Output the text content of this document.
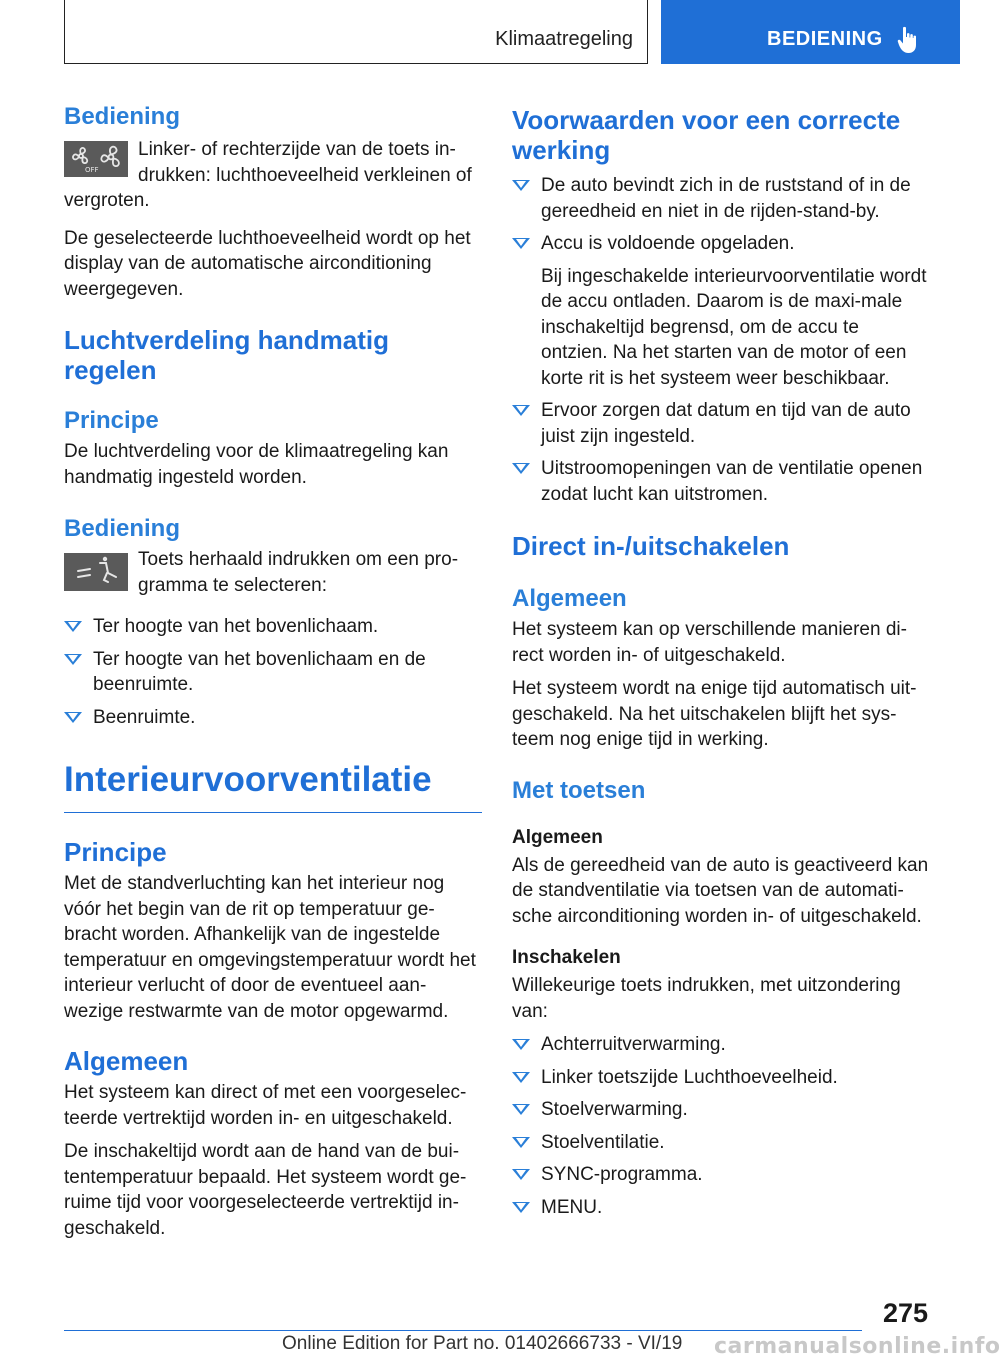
Klimaatregeling	BEDIENING
Bediening
OFF

Linker- of rechterzijde van de toets in-drukken: luchthoeveelheid verkleinen of vergroten.

De geselecteerde luchthoeveelheid wordt op het display van de automatische airconditioning weergegeven.

Luchtverdeling handmatig regelen
Principe

De luchtverdeling voor de klimaatregeling kan handmatig ingesteld worden.

Bediening

Toets herhaald indrukken om een pro-gramma te selecteren:

Ter hoogte van het bovenlichaam.
Ter hoogte van het bovenlichaam en de beenruimte.
Beenruimte.
Interieurvoorventilatie
Principe

Met de standverluchting kan het interieur nog vóór het begin van de rit op temperatuur ge-bracht worden. Afhankelijk van de ingestelde temperatuur en omgevingstemperatuur wordt het interieur verlucht of door de eventueel aan-wezige restwarmte van de motor opgewarmd.

Algemeen

Het systeem kan direct of met een voorgeselec-teerde vertrektijd worden in- en uitgeschakeld.

De inschakeltijd wordt aan de hand van de bui-tentemperatuur bepaald. Het systeem wordt ge-ruime tijd voor voorgeselecteerde vertrektijd in-geschakeld.

Voorwaarden voor een correcte werking
De auto bevindt zich in de ruststand of in de gereedheid en niet in de rijden-stand-by.
Accu is voldoende opgeladen.

Bij ingeschakelde interieurvoorventilatie wordt de accu ontladen. Daarom is de maxi-male inschakeltijd begrensd, om de accu te ontzien. Na het starten van de motor of een korte rit is het systeem weer beschikbaar.

Ervoor zorgen dat datum en tijd van de auto juist zijn ingesteld.
Uitstroomopeningen van de ventilatie openen zodat lucht kan uitstromen.
Direct in-/uitschakelen
Algemeen

Het systeem kan op verschillende manieren di-rect worden in- of uitgeschakeld.

Het systeem wordt na enige tijd automatisch uit-geschakeld. Na het uitschakelen blijft het sys-teem nog enige tijd in werking.

Met toetsen
Algemeen

Als de gereedheid van de auto is geactiveerd kan de standventilatie via toetsen van de automati-sche airconditioning worden in- of uitgeschakeld.

Inschakelen

Willekeurige toets indrukken, met uitzondering van:

Achterruitverwarming.
Linker toetszijde Luchthoeveelheid.
Stoelverwarming.
Stoelventilatie.
SYNC-programma.
MENU.
275
Online Edition for Part no. 01402666733 - VI/19 carmanualsonline.info
